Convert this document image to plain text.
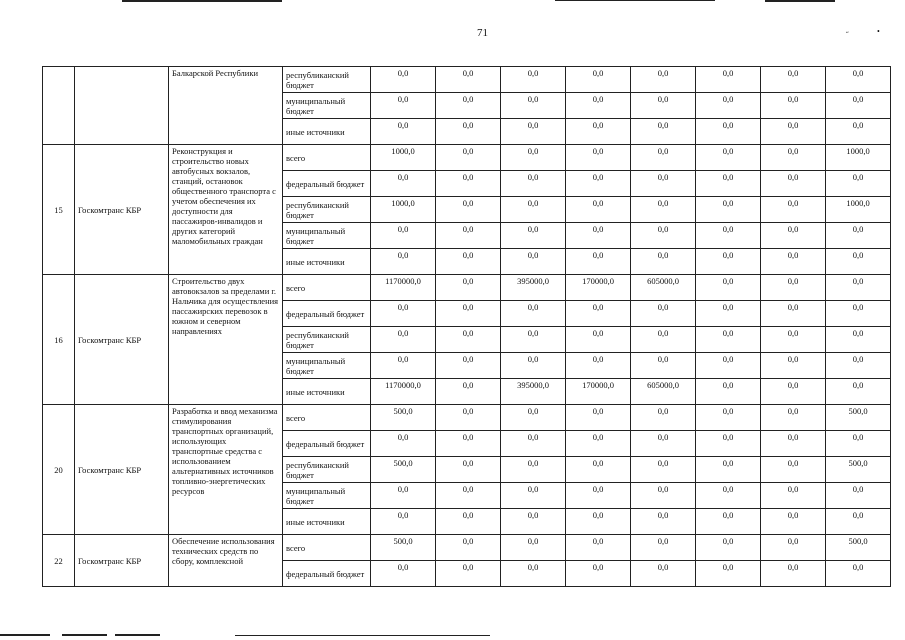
71	˶	•
		Балкарской Республики	республиканский бюджет	0,0	0,0	0,0	0,0	0,0	0,0	0,0	0,0
			муниципальный бюджет	0,0	0,0	0,0	0,0	0,0	0,0	0,0	0,0
			иные источники	0,0	0,0	0,0	0,0	0,0	0,0	0,0	0,0
15	Госкомтранс КБР	Реконструкция и строительство новых автобусных вокзалов, станций, остановок общественного транспорта с учетом обеспечения их доступности для пассажиров-инвалидов и других категорий маломобильных граждан	всего	1000,0	0,0	0,0	0,0	0,0	0,0	0,0	1000,0
			федеральный бюджет	0,0	0,0	0,0	0,0	0,0	0,0	0,0	0,0
			республиканский бюджет	1000,0	0,0	0,0	0,0	0,0	0,0	0,0	1000,0
			муниципальный бюджет	0,0	0,0	0,0	0,0	0,0	0,0	0,0	0,0
			иные источники	0,0	0,0	0,0	0,0	0,0	0,0	0,0	0,0
16	Госкомтранс КБР	Строительство двух автовокзалов за пределами г. Нальчика для осуществления пассажирских перевозок в южном и северном направлениях	всего	1170000,0	0,0	395000,0	170000,0	605000,0	0,0	0,0	0,0
			федеральный бюджет	0,0	0,0	0,0	0,0	0,0	0,0	0,0	0,0
			республиканский бюджет	0,0	0,0	0,0	0,0	0,0	0,0	0,0	0,0
			муниципальный бюджет	0,0	0,0	0,0	0,0	0,0	0,0	0,0	0,0
			иные источники	1170000,0	0,0	395000,0	170000,0	605000,0	0,0	0,0	0,0
20	Госкомтранс КБР	Разработка и ввод механизма стимулирования транспортных организаций, использующих транспортные средства с использованием альтернативных источников топливно-энергетических ресурсов	всего	500,0	0,0	0,0	0,0	0,0	0,0	0,0	500,0
			федеральный бюджет	0,0	0,0	0,0	0,0	0,0	0,0	0,0	0,0
			республиканский бюджет	500,0	0,0	0,0	0,0	0,0	0,0	0,0	500,0
			муниципальный бюджет	0,0	0,0	0,0	0,0	0,0	0,0	0,0	0,0
			иные источники	0,0	0,0	0,0	0,0	0,0	0,0	0,0	0,0
22	Госкомтранс КБР	Обеспечение использования технических средств по сбору, комплексной	всего	500,0	0,0	0,0	0,0	0,0	0,0	0,0	500,0
			федеральный бюджет	0,0	0,0	0,0	0,0	0,0	0,0	0,0	0,0
